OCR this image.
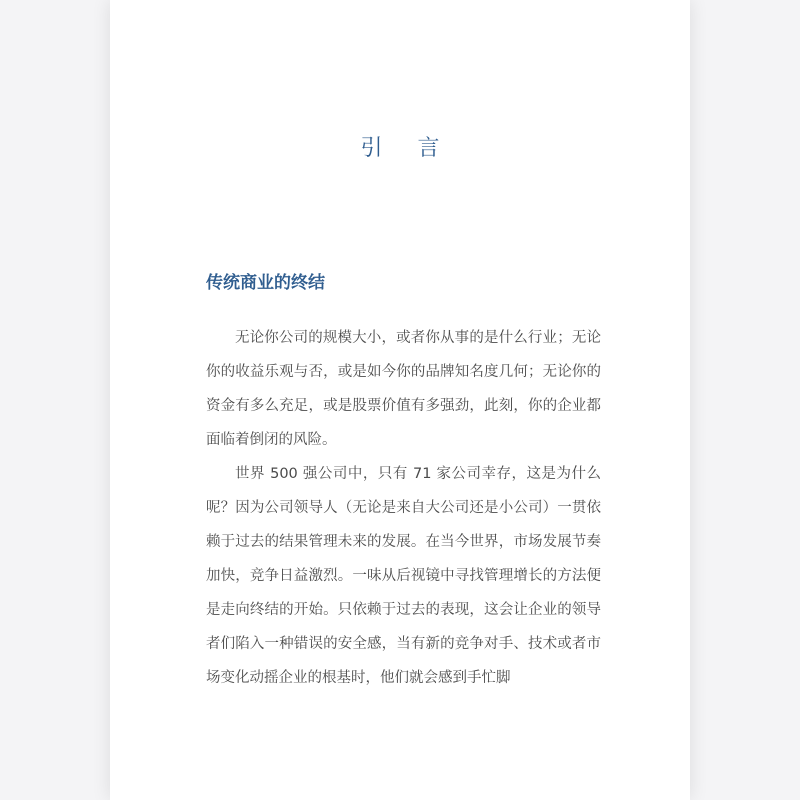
引 言
传统商业的终结

无论你公司的规模大小，或者你从事的是什么行业；无论你的收益乐观与否，或是如今你的品牌知名度几何；无论你的资金有多么充足，或是股票价值有多强劲，此刻，你的企业都面临着倒闭的风险。

世界 500 强公司中，只有 71 家公司幸存，这是为什么呢？因为公司领导人（无论是来自大公司还是小公司）一贯依赖于过去的结果管理未来的发展。在当今世界，市场发展节奏加快，竞争日益激烈。一味从后视镜中寻找管理增长的方法便是走向终结的开始。只依赖于过去的表现，这会让企业的领导者们陷入一种错误的安全感，当有新的竞争对手、技术或者市场变化动摇企业的根基时，他们就会感到手忙脚
